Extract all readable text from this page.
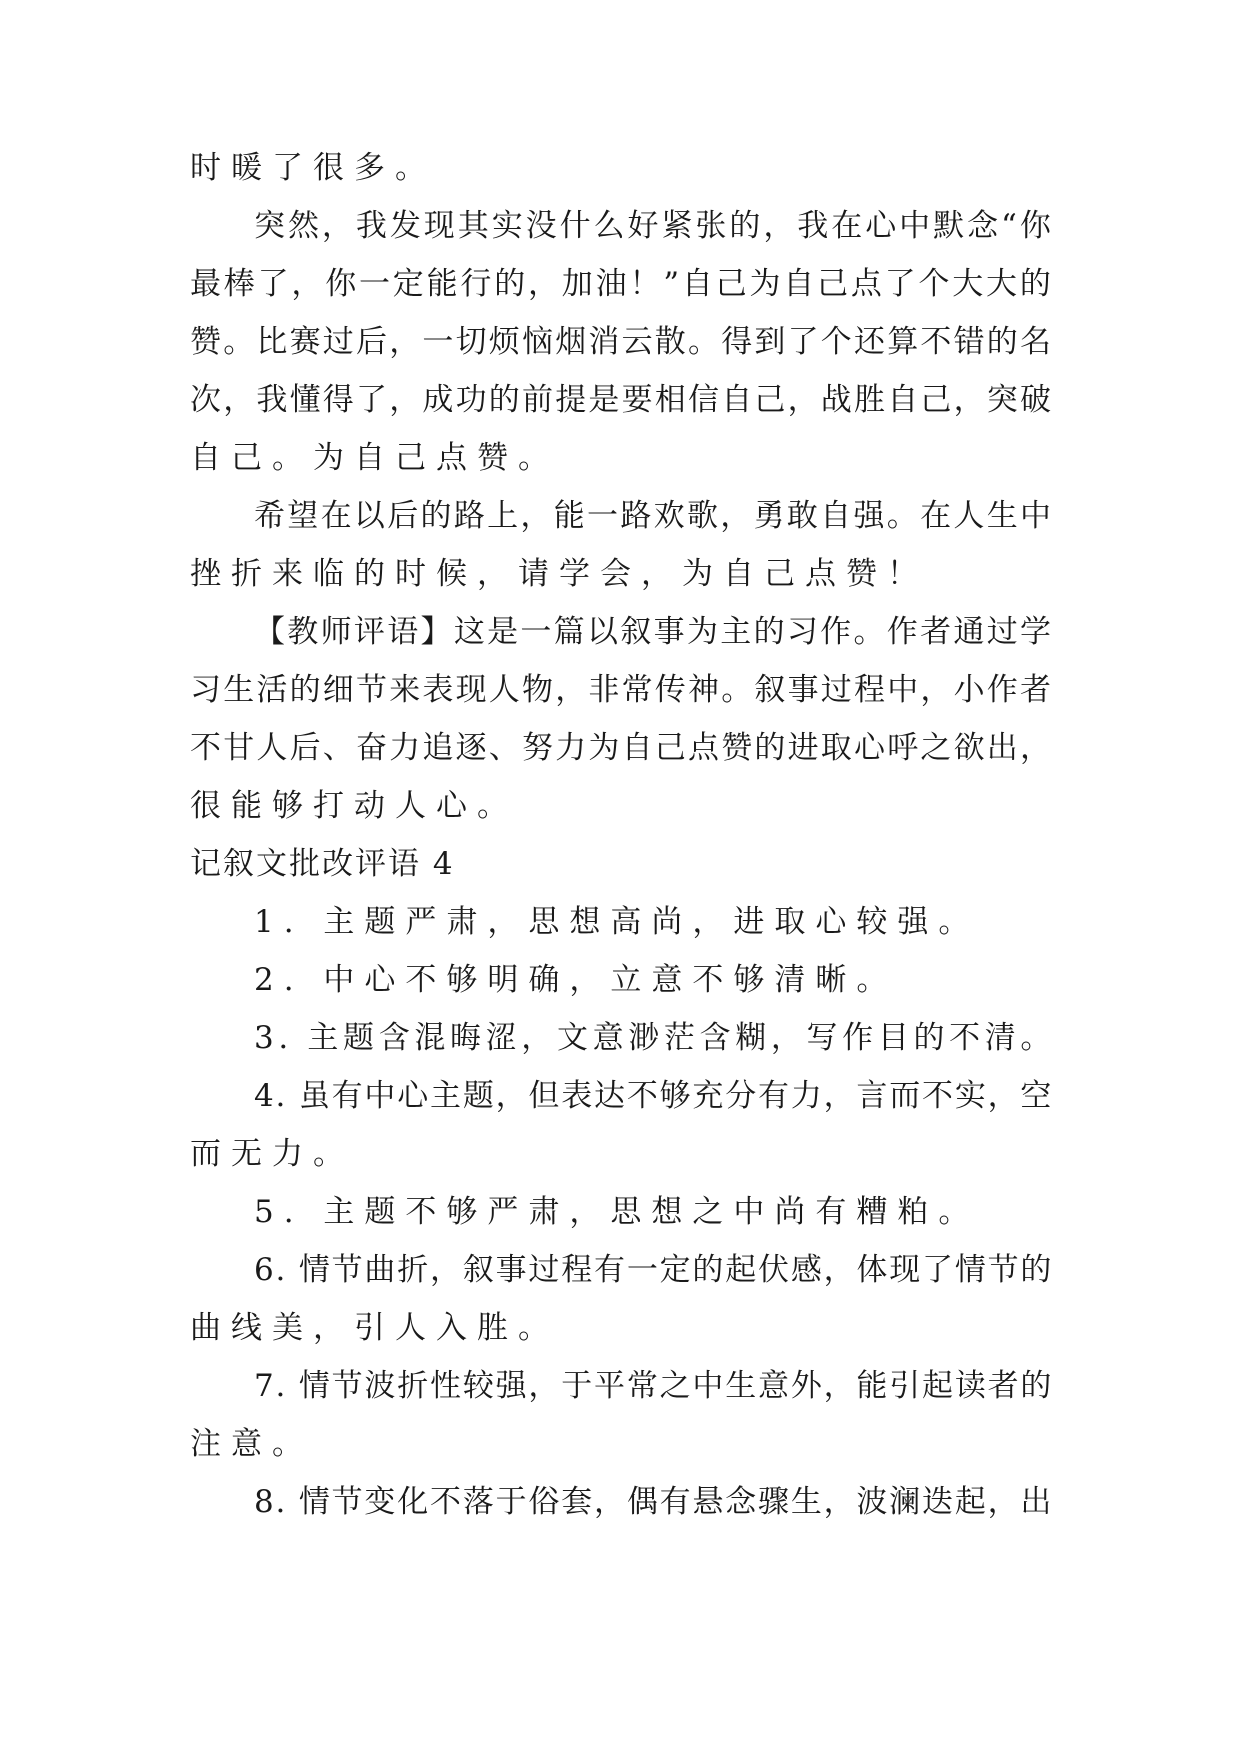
时暖了很多。
突然，我发现其实没什么好紧张的，我在心中默念“你
最棒了，你一定能行的，加油！”自己为自己点了个大大的
赞。比赛过后，一切烦恼烟消云散。得到了个还算不错的名
次，我懂得了，成功的前提是要相信自己，战胜自己，突破
自己。为自己点赞。
希望在以后的路上，能一路欢歌，勇敢自强。在人生中
挫折来临的时候，请学会，为自己点赞！
【教师评语】这是一篇以叙事为主的习作。作者通过学
习生活的细节来表现人物，非常传神。叙事过程中，小作者
不甘人后、奋力追逐、努力为自己点赞的进取心呼之欲出，
很能够打动人心。
记叙文批改评语 4
1. 主题严肃，思想高尚，进取心较强。
2. 中心不够明确，立意不够清晰。
3. 主题含混晦涩，文意渺茫含糊，写作目的不清。
4. 虽有中心主题，但表达不够充分有力，言而不实，空
而无力。
5. 主题不够严肃，思想之中尚有糟粕。
6. 情节曲折，叙事过程有一定的起伏感，体现了情节的
曲线美，引人入胜。
7. 情节波折性较强，于平常之中生意外，能引起读者的
注意。
8. 情节变化不落于俗套，偶有悬念骤生，波澜迭起，出
